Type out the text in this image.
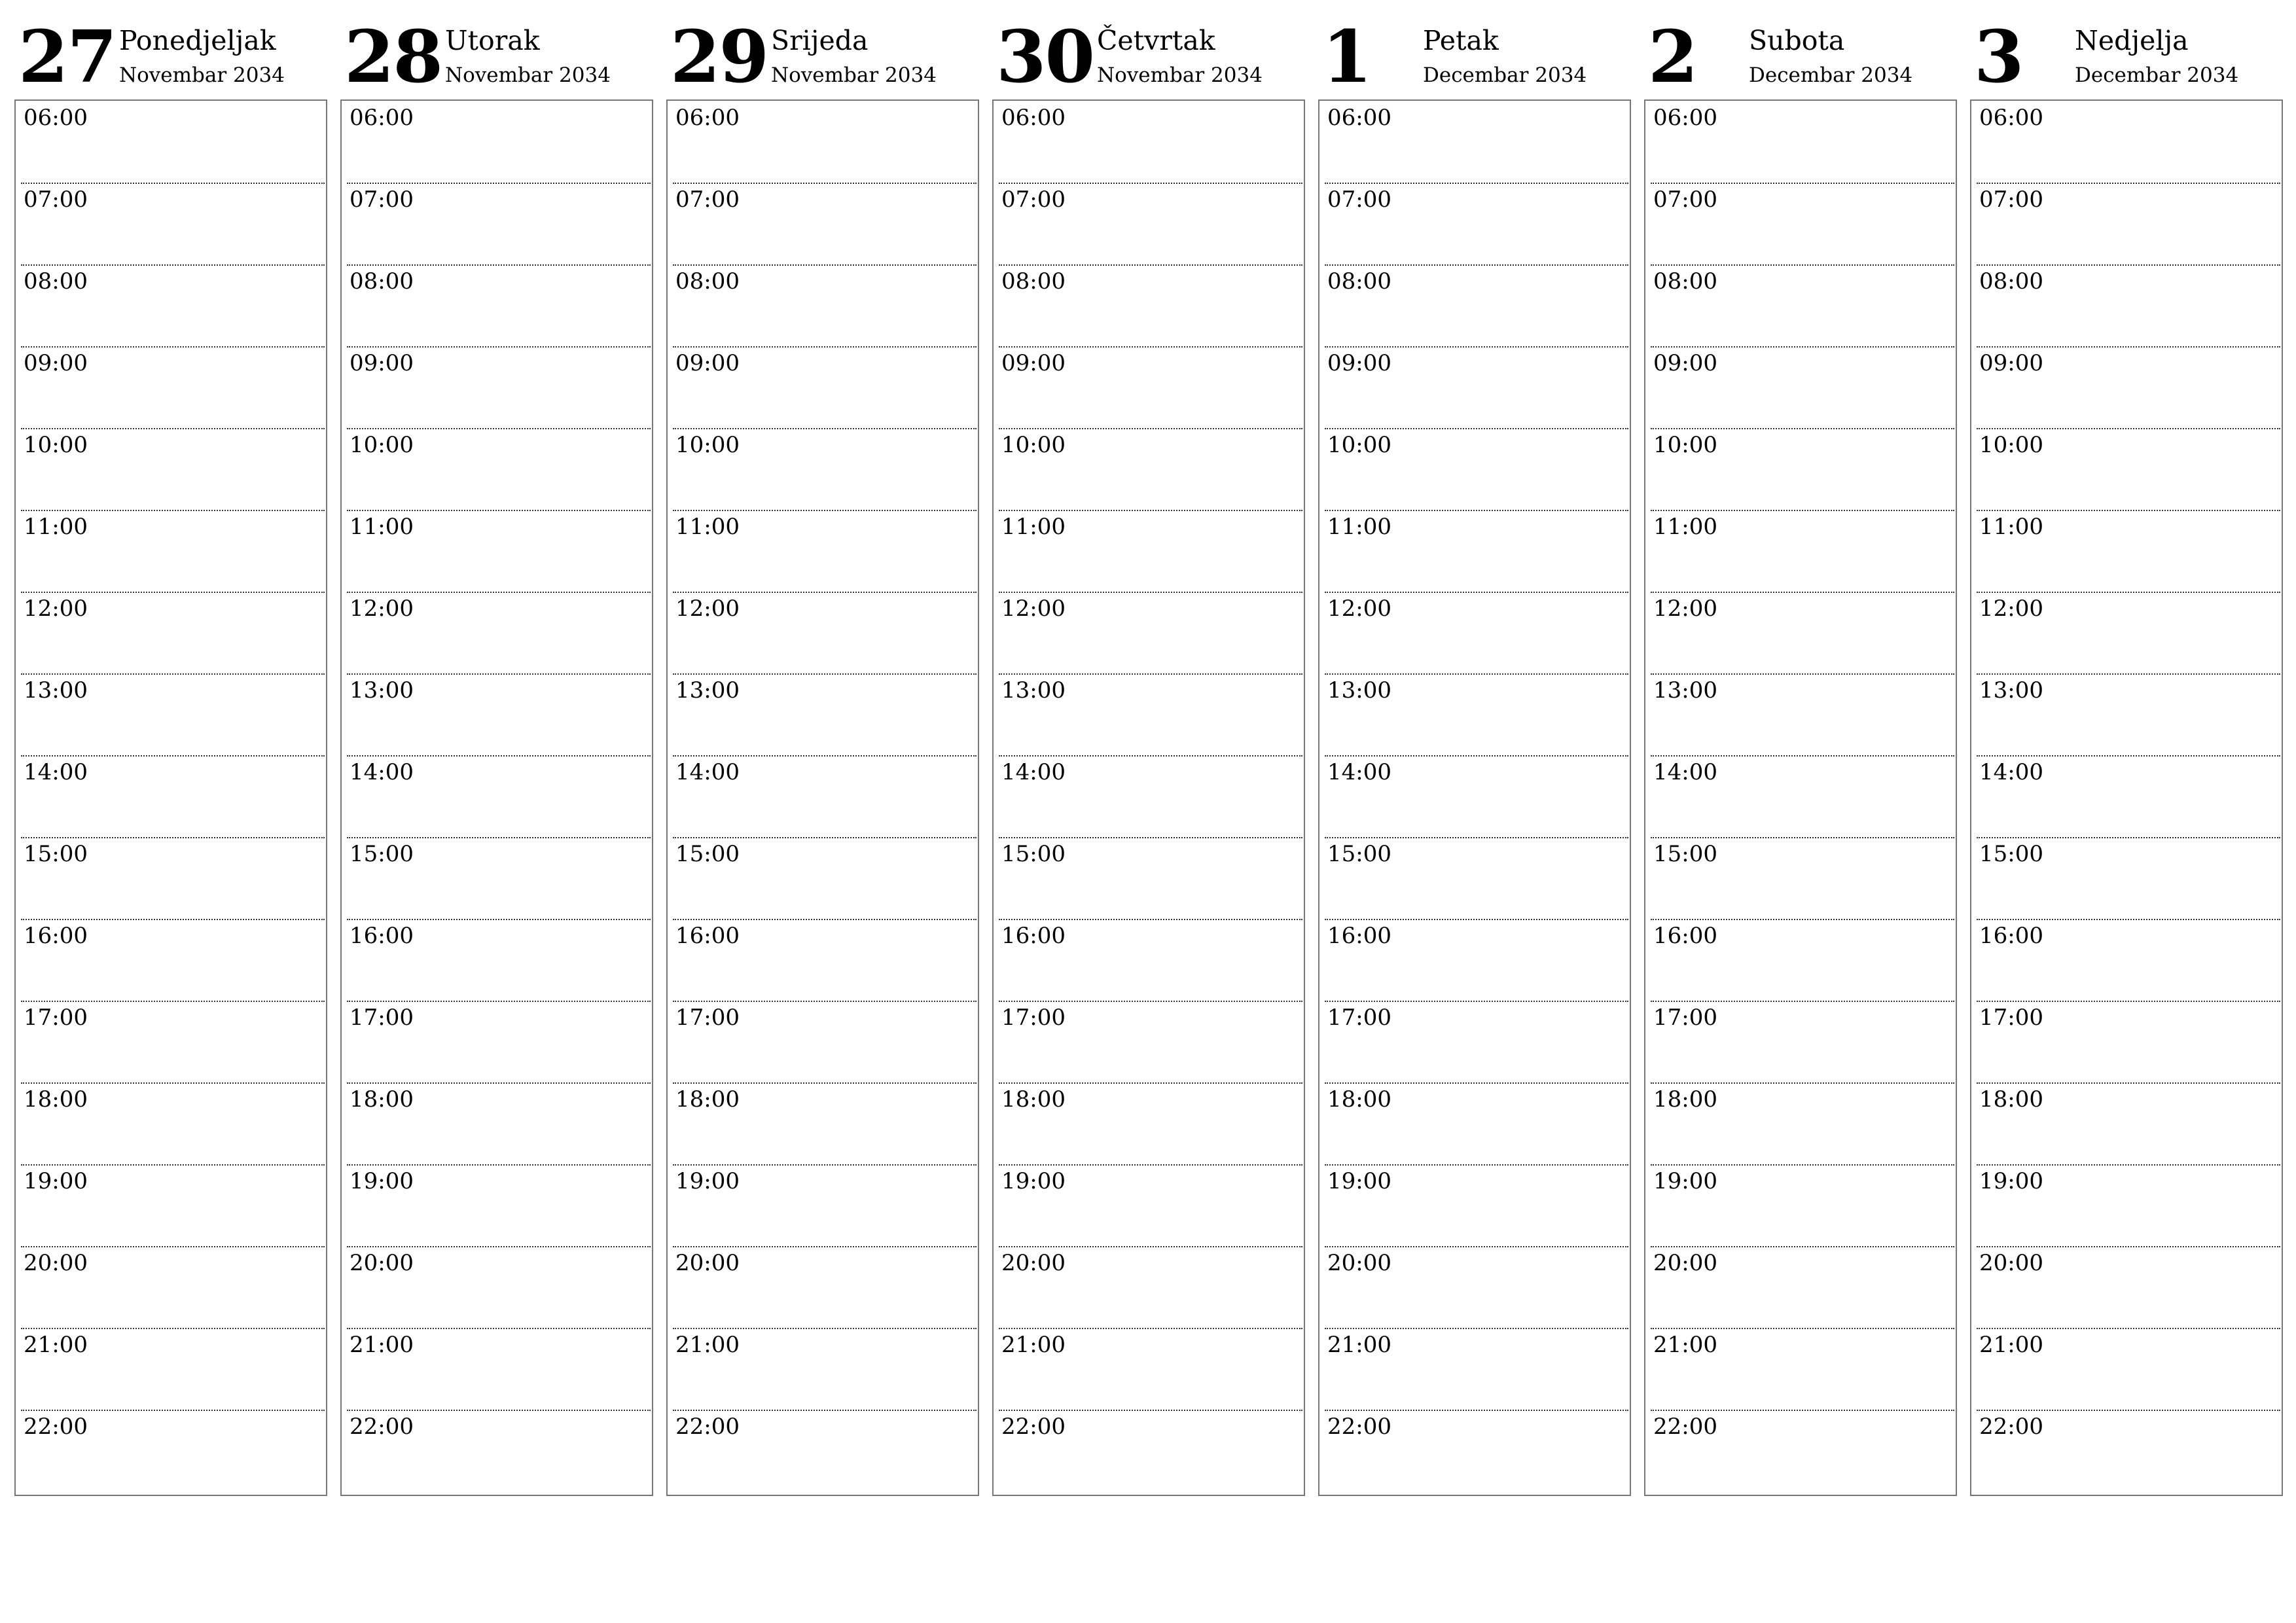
27 Ponedjeljak
Novembar 2034
06:00
07:00
08:00
09:00
10:00
11:00
12:00
13:00
14:00
15:00
16:00
17:00
18:00
19:00
20:00
21:00
22:00
28 Utorak
Novembar 2034
06:00
07:00
08:00
09:00
10:00
11:00
12:00
13:00
14:00
15:00
16:00
17:00
18:00
19:00
20:00
21:00
22:00
29 Srijeda
Novembar 2034
06:00
07:00
08:00
09:00
10:00
11:00
12:00
13:00
14:00
15:00
16:00
17:00
18:00
19:00
20:00
21:00
22:00
30 Četvrtak
Novembar 2034
06:00
07:00
08:00
09:00
10:00
11:00
12:00
13:00
14:00
15:00
16:00
17:00
18:00
19:00
20:00
21:00
22:00
1 Petak
Decembar 2034
06:00
07:00
08:00
09:00
10:00
11:00
12:00
13:00
14:00
15:00
16:00
17:00
18:00
19:00
20:00
21:00
22:00
2 Subota
Decembar 2034
06:00
07:00
08:00
09:00
10:00
11:00
12:00
13:00
14:00
15:00
16:00
17:00
18:00
19:00
20:00
21:00
22:00
3 Nedjelja
Decembar 2034
06:00
07:00
08:00
09:00
10:00
11:00
12:00
13:00
14:00
15:00
16:00
17:00
18:00
19:00
20:00
21:00
22:00
